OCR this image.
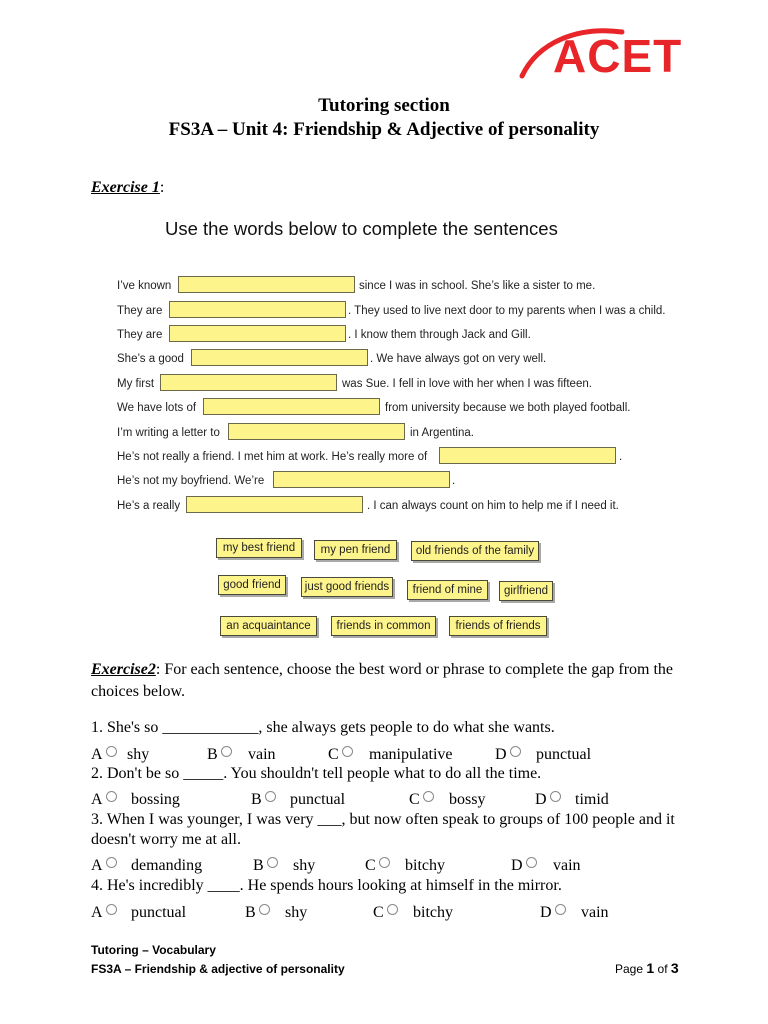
ACET
Tutoring section
FS3A – Unit 4: Friendship & Adjective of personality
Exercise 1:
Use the words below to complete the sentences
I’ve known	since I was in school. She’s like a sister to me.
They are	. They used to live next door to my parents when I was a child.
They are	. I know them through Jack and Gill.
She’s a good	. We have always got on very well.
My first	was Sue. I fell in love with her when I was fifteen.
We have lots of	from university because we both played football.
I’m writing a letter to	in Argentina.
He’s not really a friend. I met him at work. He’s really more of	.
He’s not my boyfriend. We’re	.
He’s a really	. I can always count on him to help me if I need it.
my best friend	my pen friend	old friends of the family
good friend	just good friends	friend of mine	girlfriend
an acquaintance	friends in common	friends of friends
Exercise2: For each sentence, choose the best word or phrase to complete the gap from the choices below.
1. She's so ____________, she always gets people to do what she wants.
A	shy	B	vain	C	manipulative	D	punctual
2. Don't be so _____. You shouldn't tell people what to do all the time.
A	bossing	B	punctual	C	bossy	D	timid
3. When I was younger, I was very ___, but now often speak to groups of 100 people and it doesn't worry me at all.
A	demanding	B	shy	C	bitchy	D	vain
4. He's incredibly ____. He spends hours looking at himself in the mirror.
A	punctual	B	shy	C	bitchy	D	vain
Tutoring – Vocabulary
FS3A – Friendship & adjective of personality	Page 1 of 3
